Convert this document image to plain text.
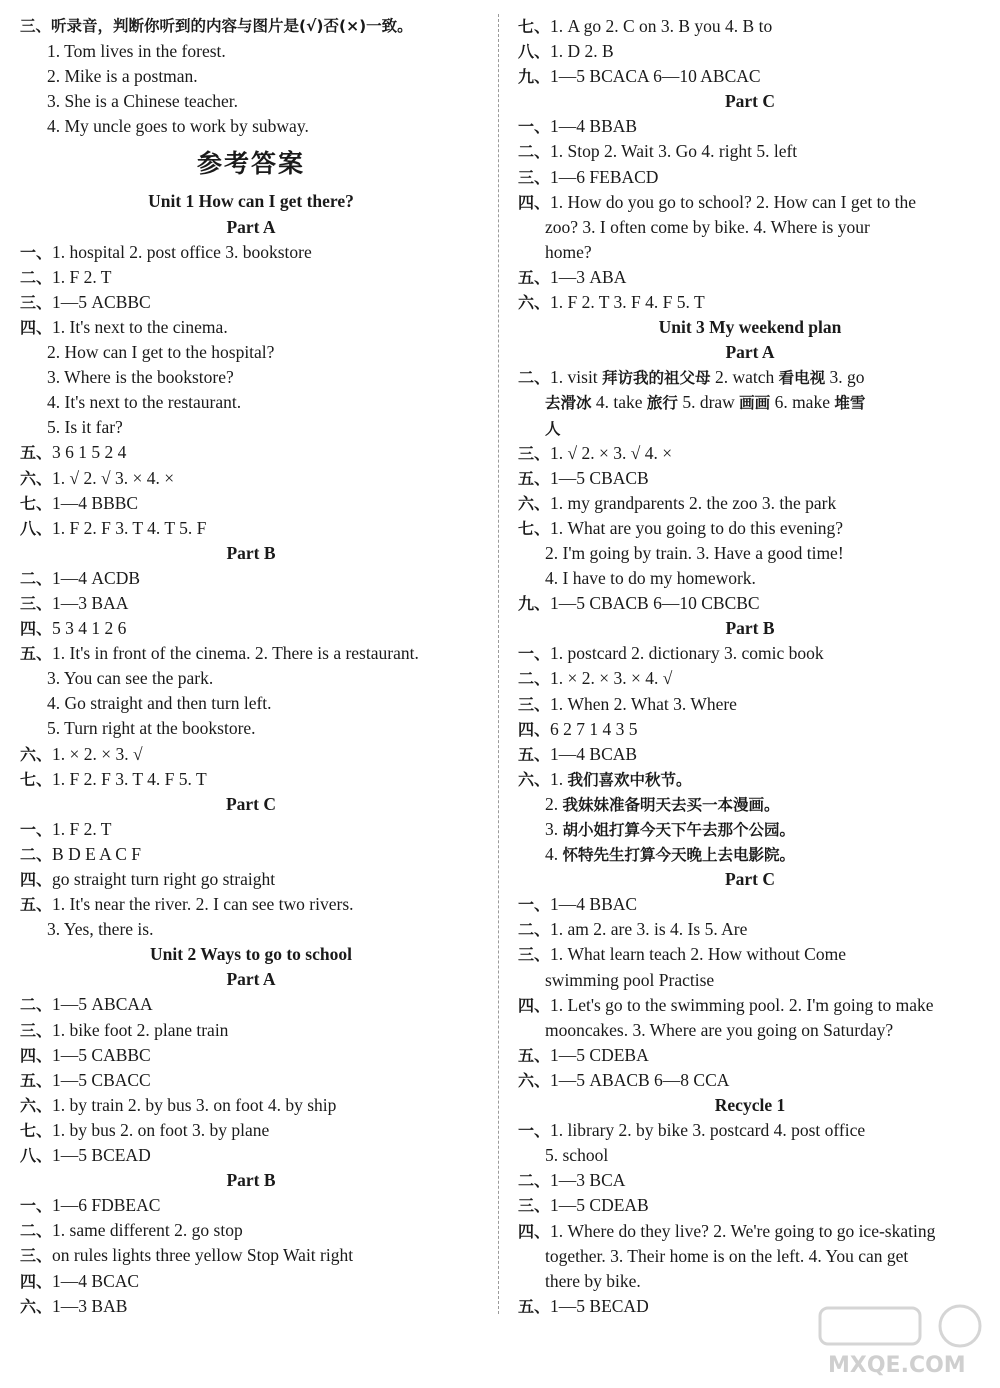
三、听录音，判断你听到的内容与图片是(√)否(×)一致。
1. Tom lives in the forest.
2. Mike is a postman.
3. She is a Chinese teacher.
4. My uncle goes to work by subway.
参考答案
Unit 1 How can I get there?
Part A
一、1. hospital 2. post office 3. bookstore
二、1. F 2. T
三、1—5 ACBBC
四、1. It's next to the cinema.
2. How can I get to the hospital?
3. Where is the bookstore?
4. It's next to the restaurant.
5. Is it far?
五、3 6 1 5 2 4
六、1. √ 2. √ 3. × 4. ×
七、1—4 BBBC
八、1. F 2. F 3. T 4. T 5. F
Part B
二、1—4 ACDB
三、1—3 BAA
四、5 3 4 1 2 6
五、1. It's in front of the cinema. 2. There is a restaurant.
3. You can see the park.
4. Go straight and then turn left.
5. Turn right at the bookstore.
六、1. × 2. × 3. √
七、1. F 2. F 3. T 4. F 5. T
Part C
一、1. F 2. T
二、B D E A C F
四、go straight turn right go straight
五、1. It's near the river. 2. I can see two rivers.
3. Yes, there is.
Unit 2 Ways to go to school
Part A
二、1—5 ABCAA
三、1. bike foot 2. plane train
四、1—5 CABBC
五、1—5 CBACC
六、1. by train 2. by bus 3. on foot 4. by ship
七、1. by bus 2. on foot 3. by plane
八、1—5 BCEAD
Part B
一、1—6 FDBEAC
二、1. same different 2. go stop
三、on rules lights three yellow Stop Wait right
四、1—4 BCAC
六、1—3 BAB
七、1. A go 2. C on 3. B you 4. B to
八、1. D 2. B
九、1—5 BCACA 6—10 ABCAC
Part C
一、1—4 BBAB
二、1. Stop 2. Wait 3. Go 4. right 5. left
三、1—6 FEBACD
四、1. How do you go to school? 2. How can I get to the
zoo? 3. I often come by bike. 4. Where is your
home?
五、1—3 ABA
六、1. F 2. T 3. F 4. F 5. T
Unit 3 My weekend plan
Part A
二、1. visit 拜访我的祖父母 2. watch 看电视 3. go
去滑冰 4. take 旅行 5. draw 画画 6. make 堆雪
人
三、1. √ 2. × 3. √ 4. ×
五、1—5 CBACB
六、1. my grandparents 2. the zoo 3. the park
七、1. What are you going to do this evening?
2. I'm going by train. 3. Have a good time!
4. I have to do my homework.
九、1—5 CBACB 6—10 CBCBC
Part B
一、1. postcard 2. dictionary 3. comic book
二、1. × 2. × 3. × 4. √
三、1. When 2. What 3. Where
四、6 2 7 1 4 3 5
五、1—4 BCAB
六、1. 我们喜欢中秋节。
2. 我妹妹准备明天去买一本漫画。
3. 胡小姐打算今天下午去那个公园。
4. 怀特先生打算今天晚上去电影院。
Part C
一、1—4 BBAC
二、1. am 2. are 3. is 4. Is 5. Are
三、1. What learn teach 2. How without Come
swimming pool Practise
四、1. Let's go to the swimming pool. 2. I'm going to make
mooncakes. 3. Where are you going on Saturday?
五、1—5 CDEBA
六、1—5 ABACB 6—8 CCA
Recycle 1
一、1. library 2. by bike 3. postcard 4. post office
5. school
二、1—3 BCA
三、1—5 CDEAB
四、1. Where do they live? 2. We're going to go ice-skating
together. 3. Their home is on the left. 4. You can get
there by bike.
五、1—5 BECAD
MXQE.COM
